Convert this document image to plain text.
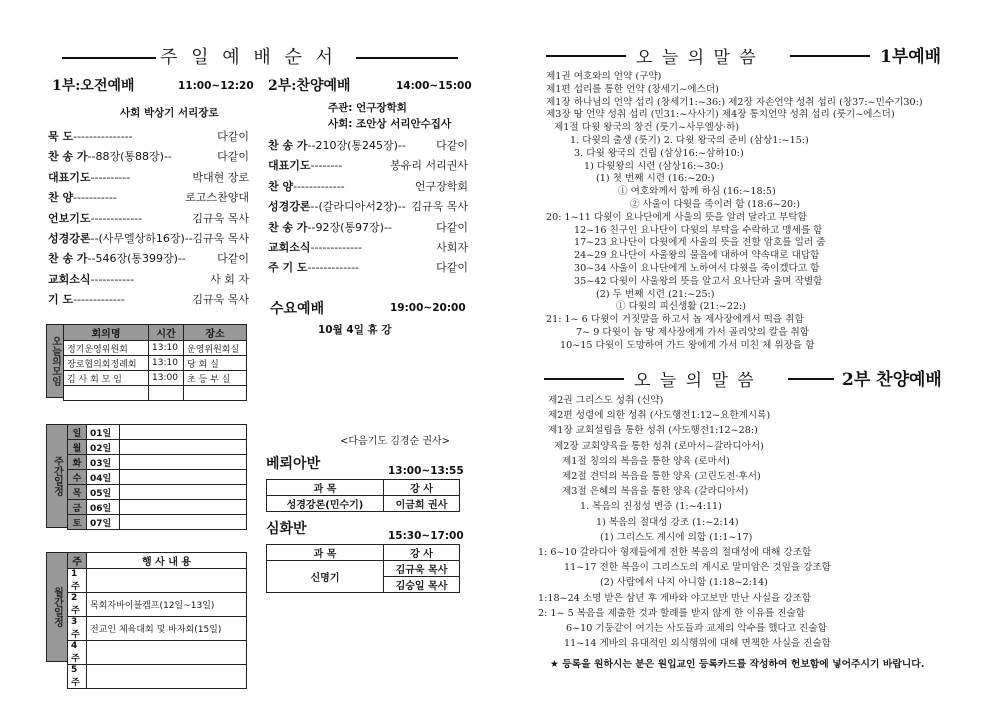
주 일 예 배 순 서
1부:오전예배	11:00~12:20
사회 박상기 서리장로
묵 도---------------	다같이
찬 송 가--88장(통88장)--	다같이
대표기도----------	박대현 장로
찬 양-----------	로고스찬양대
언보기도-------------	김규욱 목사
성경강론--(사무엘상하16장)-- 김규욱 목사
찬 송 가--546장(통399장)--	다같이
교회소식-----------	사 회 자
기 도-------------	김규욱 목사
2부:찬양예배	14:00~15:00
주관: 언구장학회
사회: 조안상 서리안수집사
찬 송 가--210장(통245장)--	다같이
대표기도--------	봉유리 서리권사
찬 양-------------	언구장학회
성경강론--(갈라디아서2장)-- 김규욱 목사
찬 송 가--92장(통97장)--	다같이
교회소식-------------	사회자
주 기 도-------------	다같이
수요예배	19:00~20:00
10월 4일 휴 강
오늘의모임
회의명	시간	장소
정기운영위원회	13:10	운영위원회실
장로협의회정례회	13:10	당 회 실
김 사 회 모 임	13:00	초 등 부 실

주간일정
일	01일	
월	02일	
화	03일	
수	04일	
목	05일	
금	06일	
토	07일	
월간일정
주	행 사 내 용
1주	
2주	목회자바이블캠프(12일~13일)
3주	전교인 체육대회 및 바자회(15일)
4주	
5주	
<다음기도 김경순 권사>
베뢰아반	13:00~13:55
과 목	강 사
성경강론(민수기)	이금희 권사
심화반	15:30~17:00
과 목	강 사
신명기	김규욱 목사
	김숭일 목사
오 늘 의 말 씀	1부예배
제1권 여호와의 언약 (구약)
제1편 섭리를 통한 언약 (창세기~에스더)
제1장 하나님의 언약 섭리 (창세기1:~36:) 제2장 자손언약 성취 섭리 (창37:~민수기30:)
제3장 땅 언약 성취 섭리 (민31:~사사기) 제4장 통치언약 성취 섭리 (룻기~에스더)
제1절 다윗 왕국의 창건 (룻기~사무엘상·하)
1. 다윗의 출생 (룻기) 2. 다윗 왕국의 준비 (삼상1:~15:)
3. 다윗 왕국의 건립 (삼상16:~삼하10:)
1) 다윗왕의 시련 (삼상16:~30:)
(1) 첫 번째 시련 (16:~20:)
① 여호와께서 함께 하심 (16:~18:5)
② 사울이 다윗을 죽이려 함 (18:6~20:)
20: 1~11 다윗이 요나단에게 사울의 뜻을 알려 달라고 부탁함
12~16 친구인 요나단이 다윗의 부탁을 수락하고 맹세를 함
17~23 요나단이 다윗에게 사울의 뜻을 전할 암호를 일러 줌
24~29 요나단이 사울왕의 물음에 대하여 약속대로 대답함
30~34 사울이 요나단에게 노하여서 다윗을 죽이겠다고 함
35~42 다윗이 사울왕의 뜻을 알고서 요나단과 울며 작별함
(2) 두 번째 시련 (21:~25:)
① 다윗의 피신생활 (21:~22:)
21: 1~ 6 다윗이 거짓말을 하고서 놉 제사장에게서 떡을 취함
7~ 9 다윗이 놉 땅 제사장에게 가서 골리앗의 칼을 취함
10~15 다윗이 도망하여 가드 왕에게 가서 미친 체 위장을 함
오 늘 의 말 씀	2부 찬양예배
제2권 그리스도 성취 (신약)
제2편 성령에 의한 성취 (사도행전1:12~요한계시록)
제1장 교회설립을 통한 성취 (사도행전1:12~28:)
제2장 교회양육을 통한 성취 (로마서~갈라디아서)
제1절 칭의의 복음을 통한 양육 (로마서)
제2절 견덕의 복음을 통한 양육 (고린도전·후서)
제3절 은혜의 복음을 통한 양육 (갈라디아서)
1. 복음의 진정성 변증 (1:~4:11)
1) 복음의 절대성 강조 (1:~2:14)
(1) 그리스도 계시에 의함 (1:1~17)
1: 6~10 갈라디아 형제들에게 전한 복음의 절대성에 대해 강조함
11~17 전한 복음이 그리스도의 계시로 말미암은 것임을 강조함
(2) 사람에서 나지 아니함 (1:18~2:14)
1:18~24 소명 받은 삼년 후 게바와 야고보만 만난 사실을 강조함
2: 1~ 5 복음을 제출한 것과 할례를 받지 않게 한 이유를 진술함
6~10 기둥같이 여기는 사도들과 교제의 악수를 했다고 진술함
11~14 게바의 유대적인 외식행위에 대해 면책한 사실을 진술함
★ 등록을 원하시는 분은 원입교인 등록카드를 작성하여 헌보함에 넣어주시기 바랍니다.
